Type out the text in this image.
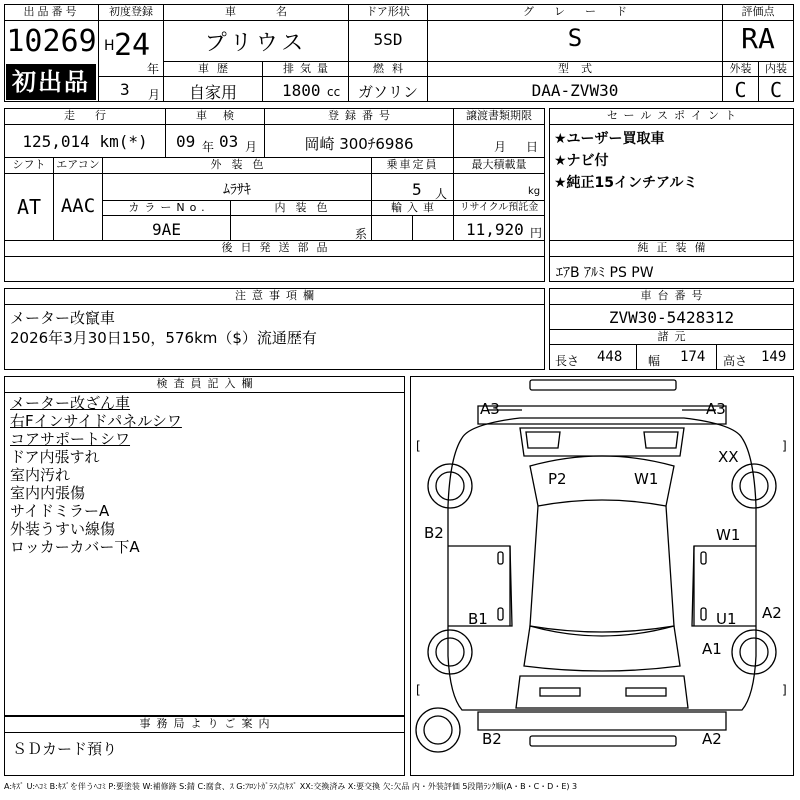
出品番号
10269
初出品
初度登録
H 24
年
3 月
車名
プリウス
ドア形状
5SD
グレード
S
評価点
RA
車歴
自家用
排気量
1800 cc
燃料
ガソリン
型式
DAA-ZVW30
外装
C
内装
C
走行
125,014 km(*)
車検
09 年 03 月
登録番号
岡崎 300ﾁ6986
譲渡書類期限
月 日
シフト
AT
エアコン
AAC
外装色
ﾑﾗｻｷ
乗車定員
5 人
最大積載量
kg
カラーNo.
9AE
内装色
系
輸入車	リサイクル預託金
11,920 円
後日発送部品
セールスポイント
★ユーザー買取車
★ナビ付
★純正15インチアルミ
純正装備
ｴｱB ｱﾙﾐ PS PW
注意事項欄
メーター改竄車
2026年3月30日150，576km（$）流通歴有
車台番号
ZVW30-5428312
諸元
長さ 448 幅 174 高さ 149
検査員記入欄
メーター改ざん車
右Fインサイドパネルシワ
コアサポートシワ
ドア内張すれ
室内汚れ
室内内張傷
サイドミラーA
外装うすい線傷
ロッカーカバー下A
事務局よりご案内
ＳＤカード預り
[	]
[	]
A3	A3
P2	W1
XX
B2	W1
B1	U1 A2
A1
B2	A2
A:ｷｽﾞ U:ﾍｺﾐ B:ｷｽﾞを伴うﾍｺﾐ P:要塗装 W:補修跡 S:錆 C:腐食、ｽ G:ﾌﾛﾝﾄｶﾞﾗｽ点ｷｽﾞ XX:交換済み X:要交換 欠:欠品 内・外装評価 5段階ﾗﾝｸ順(A・B・C・D・E) 3
